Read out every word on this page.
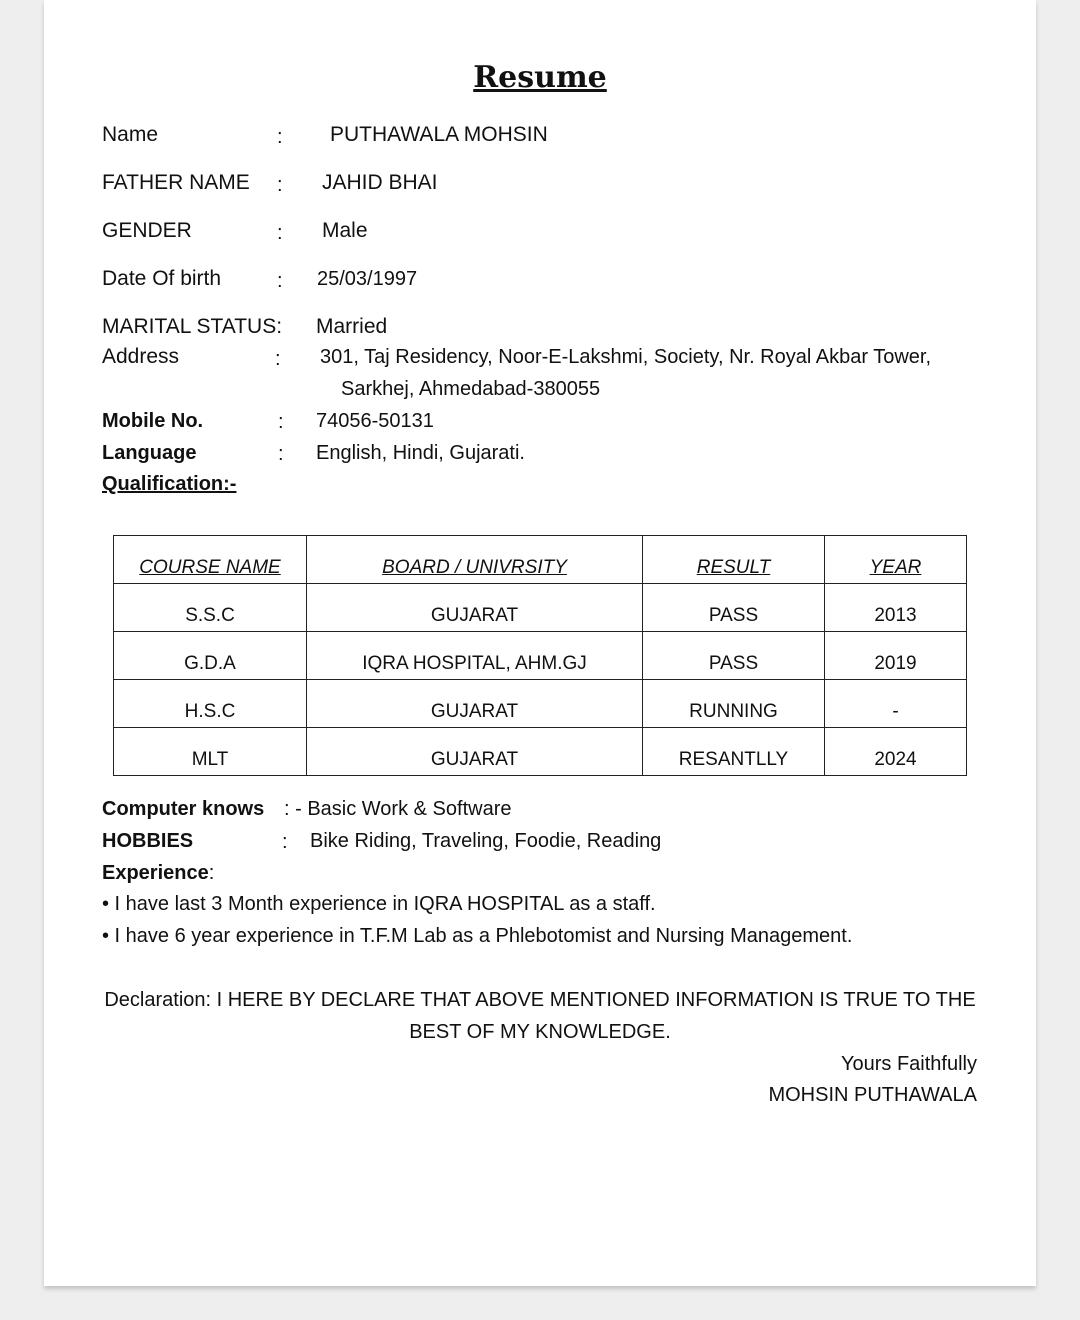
Resume
Name	: PUTHAWALA MOHSIN
FATHER NAME : JAHID BHAI
GENDER	: Male
Date Of birth	: 25/03/1997
MARITAL STATUS: Married
Address	: 301, Taj Residency, Noor-E-Lakshmi, Society, Nr. Royal Akbar Tower,
Sarkhej, Ahmedabad-380055
Mobile No.	: 74056-50131
Language	: English, Hindi, Gujarati.
Qualification:-
COURSE NAME	BOARD / UNIVRSITY	RESULT	YEAR
S.S.C	GUJARAT	PASS	2013
G.D.A	IQRA HOSPITAL, AHM.GJ	PASS	2019
H.S.C	GUJARAT	RUNNING	-
MLT	GUJARAT	RESANTLLY	2024
Computer knows : - Basic Work & Software
HOBBIES	: Bike Riding, Traveling, Foodie, Reading
Experience:
• I have last 3 Month experience in IQRA HOSPITAL as a staff.
• I have 6 year experience in T.F.M Lab as a Phlebotomist and Nursing Management.
Declaration: I HERE BY DECLARE THAT ABOVE MENTIONED INFORMATION IS TRUE TO THE
BEST OF MY KNOWLEDGE.
Yours Faithfully
MOHSIN PUTHAWALA
